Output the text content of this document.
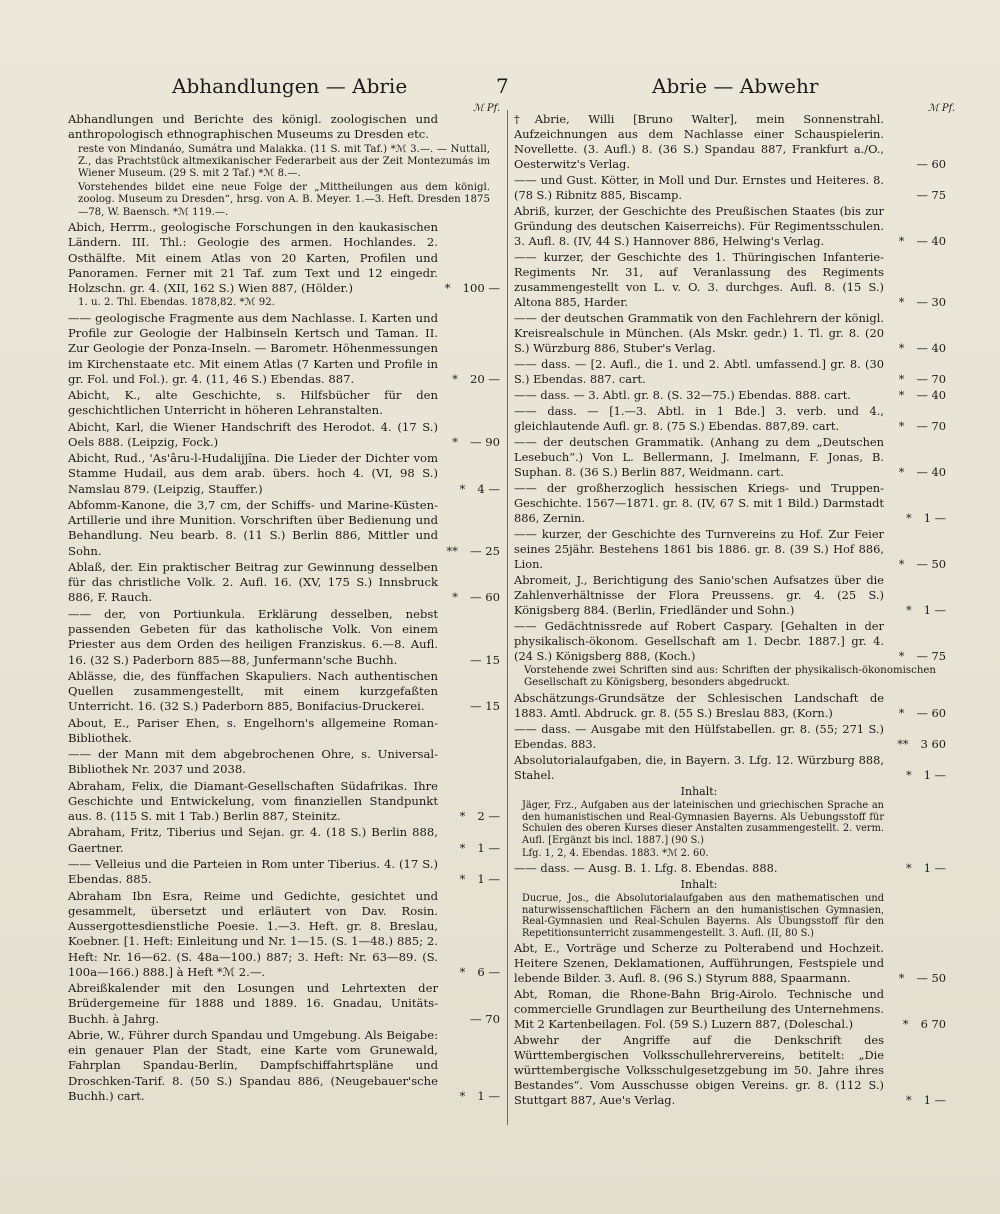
Abhandlungen — Abrie	7	Abrie — Abwehr
ℳ Pf.	ℳ Pf.
Abhandlungen und Berichte des königl. zoologischen und anthropologisch ethnographischen Museums zu Dresden etc.
reste von Mindanáo, Sumátra und Malakka. (11 S. mit Taf.) *ℳ 3.—. — Nuttall, Z., das Prachtstück altmexikanischer Federarbeit aus der Zeit Montezumás im Wiener Museum. (29 S. mit 2 Taf.) *ℳ 8.—.
Vorstehendes bildet eine neue Folge der „Mittheilungen aus dem königl. zoolog. Museum zu Dresden“, hrsg. von A. B. Meyer. 1.—3. Heft. Dresden 1875—78, W. Baensch. *ℳ 119.—.
Abich, Herrm., geologische Forschungen in den kaukasischen Ländern. III. Thl.: Geologie des armen. Hochlandes. 2. Osthälfte. Mit einem Atlas von 20 Karten, Profilen und Panoramen. Ferner mit 21 Taf. zum Text und 12 eingedr. Holzschn. gr. 4. (XII, 162 S.) Wien 887, (Hölder.)	* 100 —
1. u. 2. Thl. Ebendas. 1878,82. *ℳ 92.
—— geologische Fragmente aus dem Nachlasse. I. Karten und Profile zur Geologie der Halbinseln Kertsch und Taman. II. Zur Geologie der Ponza-Inseln. — Barometr. Höhenmessungen im Kirchenstaate etc. Mit einem Atlas (7 Karten und Profile in gr. Fol. und Fol.). gr. 4. (11, 46 S.) Ebendas. 887.	* 20 —
Abicht, K., alte Geschichte, s. Hilfsbücher für den geschichtlichen Unterricht in höheren Lehranstalten.
Abicht, Karl, die Wiener Handschrift des Herodot. 4. (17 S.) Oels 888. (Leipzig, Fock.)	* — 90
Abicht, Rud., 'As'âru-l-Hudalijjîna. Die Lieder der Dichter vom Stamme Hudail, aus dem arab. übers. hoch 4. (VI, 98 S.) Namslau 879. (Leipzig, Stauffer.)	* 4 —
Abfomm-Kanone, die 3,7 cm, der Schiffs- und Marine-Küsten-Artillerie und ihre Munition. Vorschriften über Bedienung und Behandlung. Neu bearb. 8. (11 S.) Berlin 886, Mittler und Sohn.	** — 25
Ablaß, der. Ein praktischer Beitrag zur Gewinnung desselben für das christliche Volk. 2. Aufl. 16. (XV, 175 S.) Innsbruck 886, F. Rauch.	* — 60
—— der, von Portiunkula. Erklärung desselben, nebst passenden Gebeten für das katholische Volk. Von einem Priester aus dem Orden des heiligen Franziskus. 6.—8. Aufl. 16. (32 S.) Paderborn 885—88, Junfermann'sche Buchh.	— 15
Ablässe, die, des fünffachen Skapuliers. Nach authentischen Quellen zusammengestellt, mit einem kurzgefaßten Unterricht. 16. (32 S.) Paderborn 885, Bonifacius-Druckerei.	— 15
About, E., Pariser Ehen, s. Engelhorn's allgemeine Roman-Bibliothek.
—— der Mann mit dem abgebrochenen Ohre, s. Universal-Bibliothek Nr. 2037 und 2038.
Abraham, Felix, die Diamant-Gesellschaften Südafrikas. Ihre Geschichte und Entwickelung, vom finanziellen Standpunkt aus. 8. (115 S. mit 1 Tab.) Berlin 887, Steinitz.	* 2 —
Abraham, Fritz, Tiberius und Sejan. gr. 4. (18 S.) Berlin 888, Gaertner.	* 1 —
—— Velleius und die Parteien in Rom unter Tiberius. 4. (17 S.) Ebendas. 885.	* 1 —
Abraham Ibn Esra, Reime und Gedichte, gesichtet und gesammelt, übersetzt und erläutert von Dav. Rosin. Aussergottesdienstliche Poesie. 1.—3. Heft. gr. 8. Breslau, Koebner. [1. Heft: Einleitung und Nr. 1—15. (S. 1—48.) 885; 2. Heft: Nr. 16—62. (S. 48a—100.) 887; 3. Heft: Nr. 63—89. (S. 100a—166.) 888.] à Heft *ℳ 2.—.	* 6 —
Abreißkalender mit den Losungen und Lehrtexten der Brüdergemeine für 1888 und 1889. 16. Gnadau, Unitäts-Buchh. à Jahrg.	— 70
Abrie, W., Führer durch Spandau und Umgebung. Als Beigabe: ein genauer Plan der Stadt, eine Karte vom Grunewald, Fahrplan Spandau-Berlin, Dampfschiffahrtspläne und Droschken-Tarif. 8. (50 S.) Spandau 886, (Neugebauer'sche Buchh.) cart.	* 1 —
†Abrie, Willi [Bruno Walter], mein Sonnenstrahl. Aufzeichnungen aus dem Nachlasse einer Schauspielerin. Novellette. (3. Aufl.) 8. (36 S.) Spandau 887, Frankfurt a./O., Oesterwitz's Verlag.	— 60
—— und Gust. Kötter, in Moll und Dur. Ernstes und Heiteres. 8. (78 S.) Ribnitz 885, Biscamp.	— 75
Abriß, kurzer, der Geschichte des Preußischen Staates (bis zur Gründung des deutschen Kaiserreichs). Für Regimentsschulen. 3. Aufl. 8. (IV, 44 S.) Hannover 886, Helwing's Verlag.	* — 40
—— kurzer, der Geschichte des 1. Thüringischen Infanterie-Regiments Nr. 31, auf Veranlassung des Regiments zusammengestellt von L. v. O. 3. durchges. Aufl. 8. (15 S.) Altona 885, Harder.	* — 30
—— der deutschen Grammatik von den Fachlehrern der königl. Kreisrealschule in München. (Als Mskr. gedr.) 1. Tl. gr. 8. (20 S.) Würzburg 886, Stuber's Verlag.	* — 40
—— dass. — [2. Aufl., die 1. und 2. Abtl. umfassend.] gr. 8. (30 S.) Ebendas. 887. cart.	* — 70
—— dass. — 3. Abtl. gr. 8. (S. 32—75.) Ebendas. 888. cart.	* — 40
—— dass. — [1.—3. Abtl. in 1 Bde.] 3. verb. und 4., gleichlautende Aufl. gr. 8. (75 S.) Ebendas. 887,89. cart.	* — 70
—— der deutschen Grammatik. (Anhang zu dem „Deutschen Lesebuch“.) Von L. Bellermann, J. Imelmann, F. Jonas, B. Suphan. 8. (36 S.) Berlin 887, Weidmann. cart.	* — 40
—— der großherzoglich hessischen Kriegs- und Truppen-Geschichte. 1567—1871. gr. 8. (IV, 67 S. mit 1 Bild.) Darmstadt 886, Zernin.	* 1 —
—— kurzer, der Geschichte des Turnvereins zu Hof. Zur Feier seines 25jähr. Bestehens 1861 bis 1886. gr. 8. (39 S.) Hof 886, Lion.	* — 50
Abromeit, J., Berichtigung des Sanio'schen Aufsatzes über die Zahlenverhältnisse der Flora Preussens. gr. 4. (25 S.) Königsberg 884. (Berlin, Friedländer und Sohn.)	* 1 —
—— Gedächtnissrede auf Robert Caspary. [Gehalten in der physikalisch-ökonom. Gesellschaft am 1. Decbr. 1887.] gr. 4. (24 S.) Königsberg 888, (Koch.)	* — 75
Vorstehende zwei Schriften sind aus: Schriften der physikalisch-ökonomischen Gesellschaft zu Königsberg, besonders abgedruckt.
Abschätzungs-Grundsätze der Schlesischen Landschaft de 1883. Amtl. Abdruck. gr. 8. (55 S.) Breslau 883, (Korn.)	* — 60
—— dass. — Ausgabe mit den Hülfstabellen. gr. 8. (55; 271 S.) Ebendas. 883.	** 3 60
Absolutorialaufgaben, die, in Bayern. 3. Lfg. 12. Würzburg 888, Stahel.	* 1 —
Inhalt:
Jäger, Frz., Aufgaben aus der lateinischen und griechischen Sprache an den humanistischen und Real-Gymnasien Bayerns. Als Uebungsstoff für Schulen des oberen Kurses dieser Anstalten zusammengestellt. 2. verm. Aufl. [Ergänzt bis incl. 1887.] (90 S.)
Lfg. 1, 2, 4. Ebendas. 1883. *ℳ 2. 60.
—— dass. — Ausg. B. 1. Lfg. 8. Ebendas. 888.	* 1 —
Inhalt:
Ducrue, Jos., die Absolutorialaufgaben aus den mathematischen und naturwissenschaftlichen Fächern an den humanistischen Gymnasien, Real-Gymnasien und Real-Schulen Bayerns. Als Übungsstoff für den Repetitionsunterricht zusammengestellt. 3. Aufl. (II, 80 S.)
Abt, E., Vorträge und Scherze zu Polterabend und Hochzeit. Heitere Szenen, Deklamationen, Aufführungen, Festspiele und lebende Bilder. 3. Aufl. 8. (96 S.) Styrum 888, Spaarmann.	* — 50
Abt, Roman, die Rhone-Bahn Brig-Airolo. Technische und commercielle Grundlagen zur Beurtheilung des Unternehmens. Mit 2 Kartenbeilagen. Fol. (59 S.) Luzern 887, (Doleschal.)	* 6 70
Abwehr der Angriffe auf die Denkschrift des Württembergischen Volksschullehrervereins, betitelt: „Die württembergische Volksschulgesetzgebung im 50. Jahre ihres Bestandes“. Vom Ausschusse obigen Vereins. gr. 8. (112 S.) Stuttgart 887, Aue's Verlag.	* 1 —
